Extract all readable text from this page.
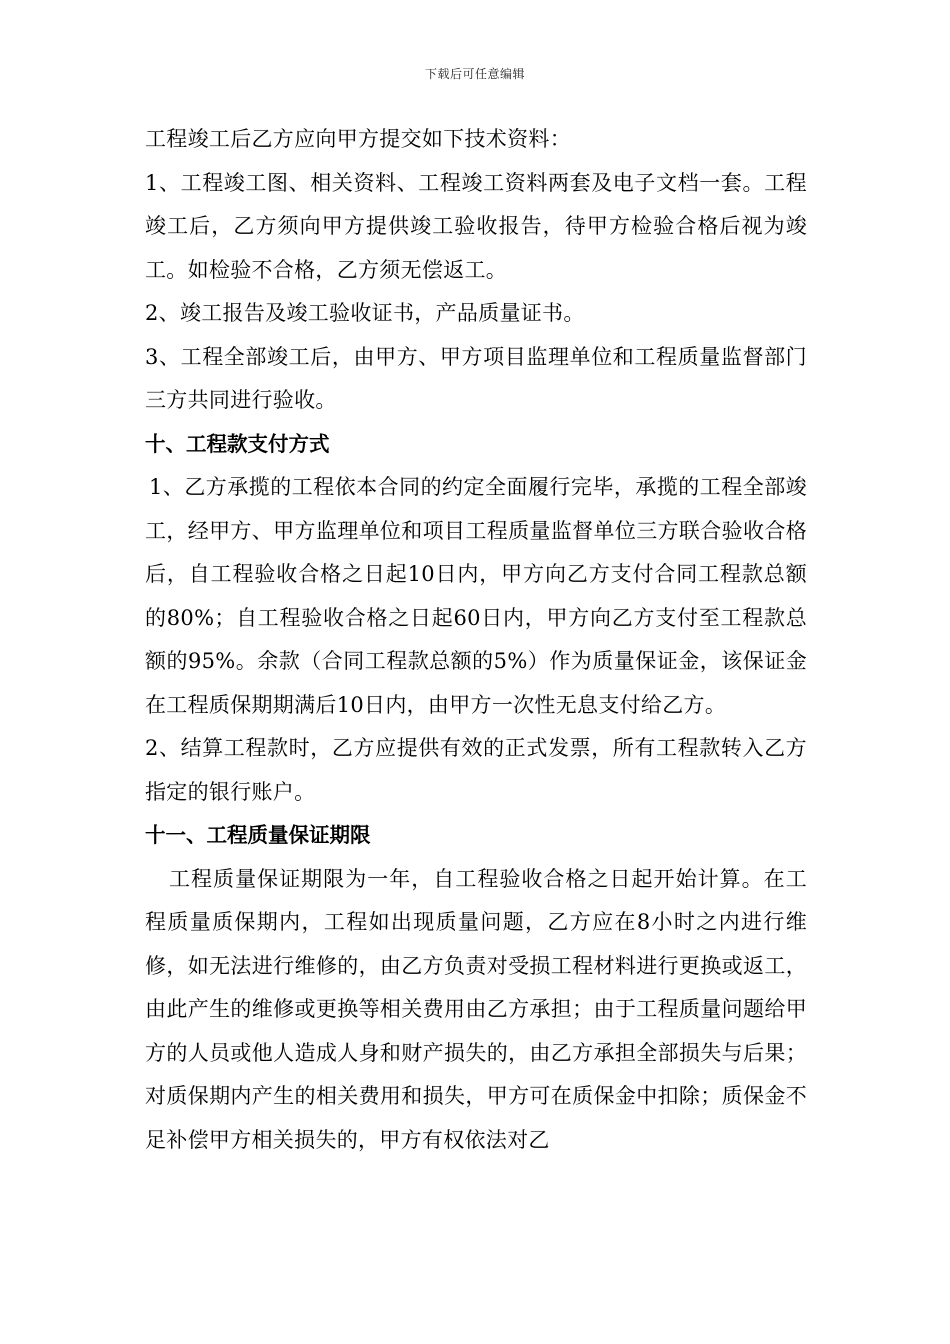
下载后可任意编辑

工程竣工后乙方应向甲方提交如下技术资料：

1、工程竣工图、相关资料、工程竣工资料两套及电子文档一套。工程竣工后，乙方须向甲方提供竣工验收报告，待甲方检验合格后视为竣工。如检验不合格，乙方须无偿返工。

2、竣工报告及竣工验收证书，产品质量证书。

3、工程全部竣工后，由甲方、甲方项目监理单位和工程质量监督部门三方共同进行验收。

十、工程款支付方式

1、乙方承揽的工程依本合同的约定全面履行完毕，承揽的工程全部竣工，经甲方、甲方监理单位和项目工程质量监督单位三方联合验收合格后，自工程验收合格之日起10日内，甲方向乙方支付合同工程款总额的80%；自工程验收合格之日起60日内，甲方向乙方支付至工程款总额的95%。余款（合同工程款总额的5%）作为质量保证金，该保证金在工程质保期期满后10日内，由甲方一次性无息支付给乙方。

2、结算工程款时，乙方应提供有效的正式发票，所有工程款转入乙方指定的银行账户。

十一、工程质量保证期限

工程质量保证期限为一年，自工程验收合格之日起开始计算。在工程质量质保期内，工程如出现质量问题，乙方应在8小时之内进行维修，如无法进行维修的，由乙方负责对受损工程材料进行更换或返工，由此产生的维修或更换等相关费用由乙方承担；由于工程质量问题给甲方的人员或他人造成人身和财产损失的，由乙方承担全部损失与后果；对质保期内产生的相关费用和损失，甲方可在质保金中扣除；质保金不足补偿甲方相关损失的，甲方有权依法对乙
